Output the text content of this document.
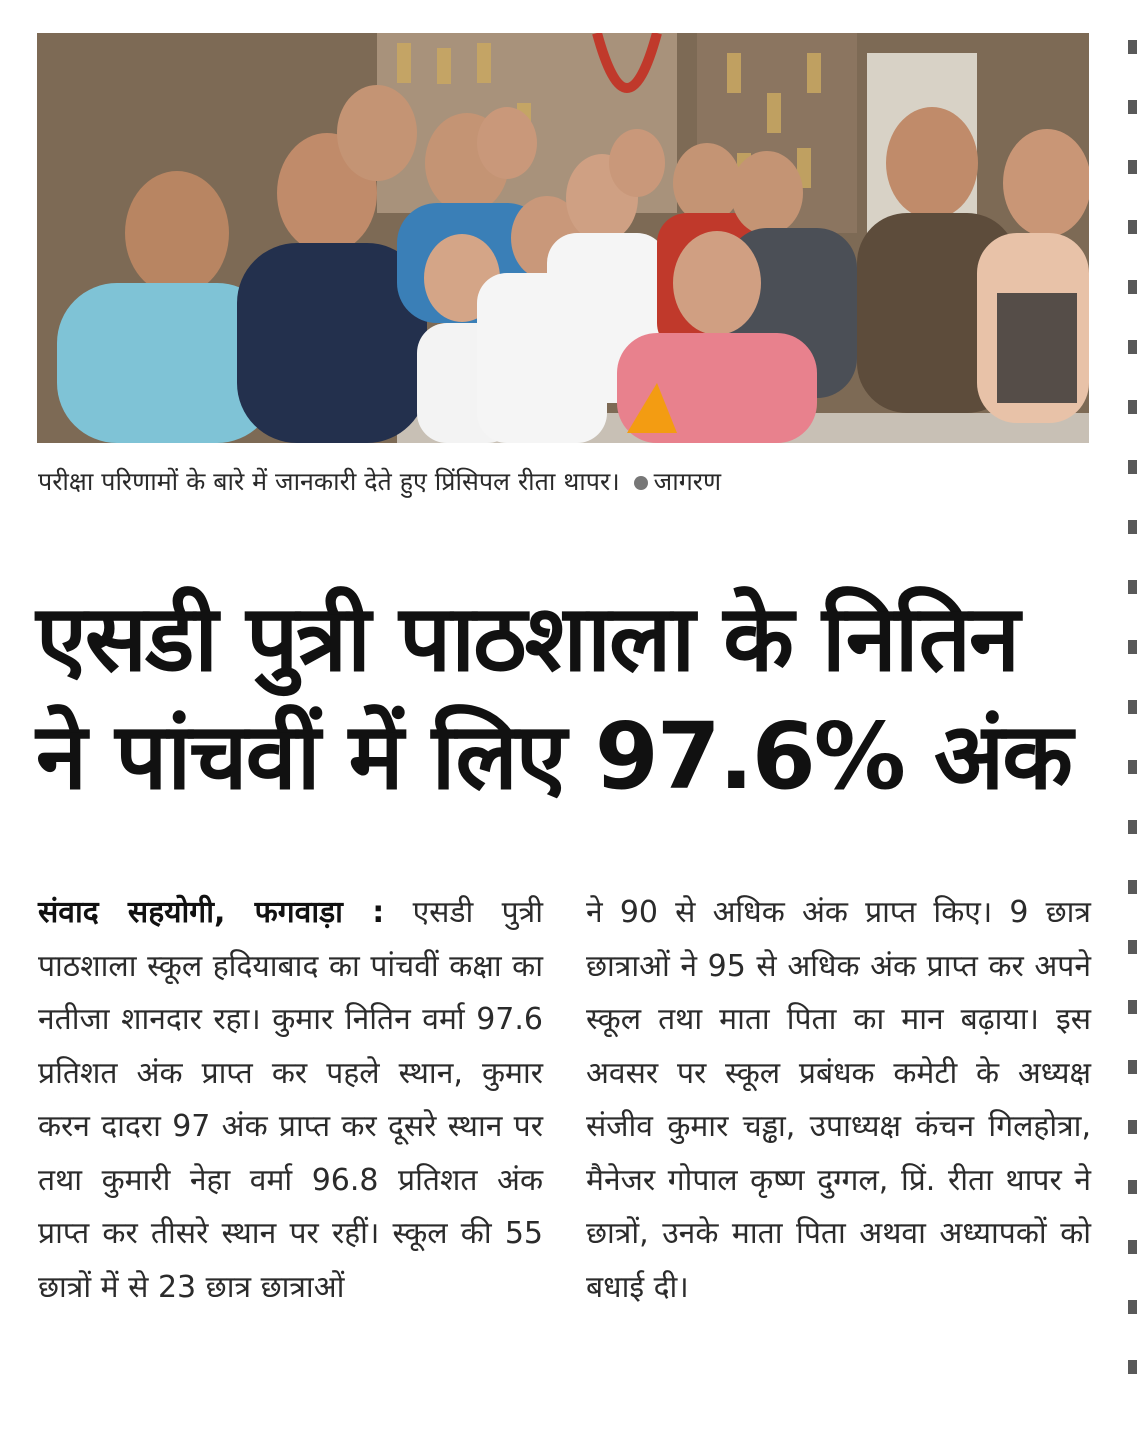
परीक्षा परिणामों के बारे में जानकारी देते हुए प्रिंसिपल रीता थापर। जागरण
एसडी पुत्री पाठशाला के नितिन
ने पांचवीं में लिए 97.6% अंक

संवाद सहयोगी, फगवाड़ा : एसडी पुत्री पाठशाला स्कूल हदियाबाद का पांचवीं कक्षा का नतीजा शानदार रहा। कुमार नितिन वर्मा 97.6 प्रतिशत अंक प्राप्त कर पहले स्थान, कुमार करन दादरा 97 अंक प्राप्त कर दूसरे स्थान पर तथा कुमारी नेहा वर्मा 96.8 प्रतिशत अंक प्राप्त कर तीसरे स्थान पर रहीं। स्कूल की 55 छात्रों में से 23 छात्र छात्राओं

ने 90 से अधिक अंक प्राप्त किए। 9 छात्र छात्राओं ने 95 से अधिक अंक प्राप्त कर अपने स्कूल तथा माता पिता का मान बढ़ाया। इस अवसर पर स्कूल प्रबंधक कमेटी के अध्यक्ष संजीव कुमार चड्ढा, उपाध्यक्ष कंचन गिलहोत्रा, मैनेजर गोपाल कृष्ण दुग्गल, प्रिं. रीता थापर ने छात्रों, उनके माता पिता अथवा अध्यापकों को बधाई दी।
